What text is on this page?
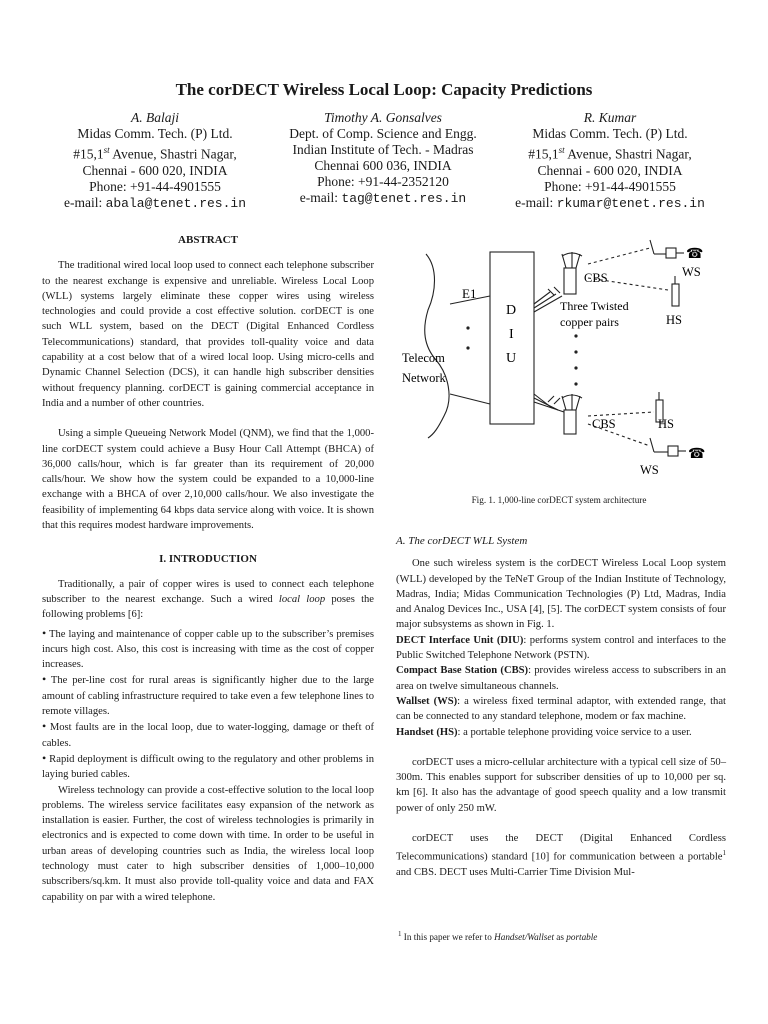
The corDECT Wireless Local Loop: Capacity Predictions
A. Balaji
Midas Comm. Tech. (P) Ltd.
#15,1st Avenue, Shastri Nagar,
Chennai - 600 020, INDIA
Phone: +91-44-4901555
e-mail: abala@tenet.res.in
Timothy A. Gonsalves
Dept. of Comp. Science and Engg.
Indian Institute of Tech. - Madras
Chennai 600 036, INDIA
Phone: +91-44-2352120
e-mail: tag@tenet.res.in
R. Kumar
Midas Comm. Tech. (P) Ltd.
#15,1st Avenue, Shastri Nagar,
Chennai - 600 020, INDIA
Phone: +91-44-4901555
e-mail: rkumar@tenet.res.in

ABSTRACT

The traditional wired local loop used to connect each telephone subscriber to the nearest exchange is expensive and unreliable. Wireless Local Loop (WLL) systems largely eliminate these copper wires using wireless technologies and could provide a cost effective solution. corDECT is one such WLL system, based on the DECT (Digital Enhanced Cordless Telecommunications) standard, that provides toll-quality voice and data capability at a cost below that of a wired local loop. Using micro-cells and Dynamic Channel Selection (DCS), it can handle high subscriber densities without frequency planning. corDECT is gaining commercial acceptance in India and a number of other countries.

Using a simple Queueing Network Model (QNM), we find that the 1,000-line corDECT system could achieve a Busy Hour Call Attempt (BHCA) of 36,000 calls/hour, which is far greater than its requirement of 20,000 calls/hour. We show how the system could be expanded to a 10,000-line exchange with a BHCA of over 2,10,000 calls/hour. We also investigate the feasibility of implementing 64 kbps data service along with voice. It is shown that this requires modest hardware improvements.

I. INTRODUCTION

Traditionally, a pair of copper wires is used to connect each telephone subscriber to the nearest exchange. Such a wired local loop poses the following problems [6]:

• The laying and maintenance of copper cable up to the subscriber’s premises incurs high cost. Also, this cost is increasing with time as the cost of copper increases.

• The per-line cost for rural areas is significantly higher due to the large amount of cabling infrastructure required to take even a few telephone lines to remote villages.

• Most faults are in the local loop, due to water-logging, damage or theft of cables.

• Rapid deployment is difficult owing to the regulatory and other problems in laying buried cables.

Wireless technology can provide a cost-effective solution to the local loop problems. The wireless service facilitates easy expansion of the network as installation is easier. Further, the cost of wireless technologies is primarily in electronics and is expected to come down with time. In order to be useful in urban areas of developing countries such as India, the wireless local loop technology must cater to high subscriber densities of 1,000–10,000 subscribers/sq.km. It must also provide toll-quality voice and data and FAX capability on par with a wired telephone.

☎
☎
E1
D
I
U
Telecom
Network
CBS
CBS
WS
WS
HS
HS
Three Twisted
copper pairs
Fig. 1. 1,000-line corDECT system architecture

A. The corDECT WLL System

One such wireless system is the corDECT Wireless Local Loop system (WLL) developed by the TeNeT Group of the Indian Institute of Technology, Madras, India; Midas Communication Technologies (P) Ltd, Madras, India and Analog Devices Inc., USA [4], [5]. The corDECT system consists of four major subsystems as shown in Fig. 1.

DECT Interface Unit (DIU): performs system control and interfaces to the Public Switched Telephone Network (PSTN).

Compact Base Station (CBS): provides wireless access to subscribers in an area on twelve simultaneous channels.

Wallset (WS): a wireless fixed terminal adaptor, with extended range, that can be connected to any standard telephone, modem or fax machine.

Handset (HS): a portable telephone providing voice service to a user.

corDECT uses a micro-cellular architecture with a typical cell size of 50–300m. This enables support for subscriber densities of up to 10,000 per sq. km [6]. It also has the advantage of good speech quality and a low transmit power of only 250 mW.

corDECT uses the DECT (Digital Enhanced Cordless Telecommunications) standard [10] for communication between a portable$^1$ and CBS. DECT uses Multi-Carrier Time Division Mul-

$^1$ In this paper we refer to Handset/Wallset as portable
